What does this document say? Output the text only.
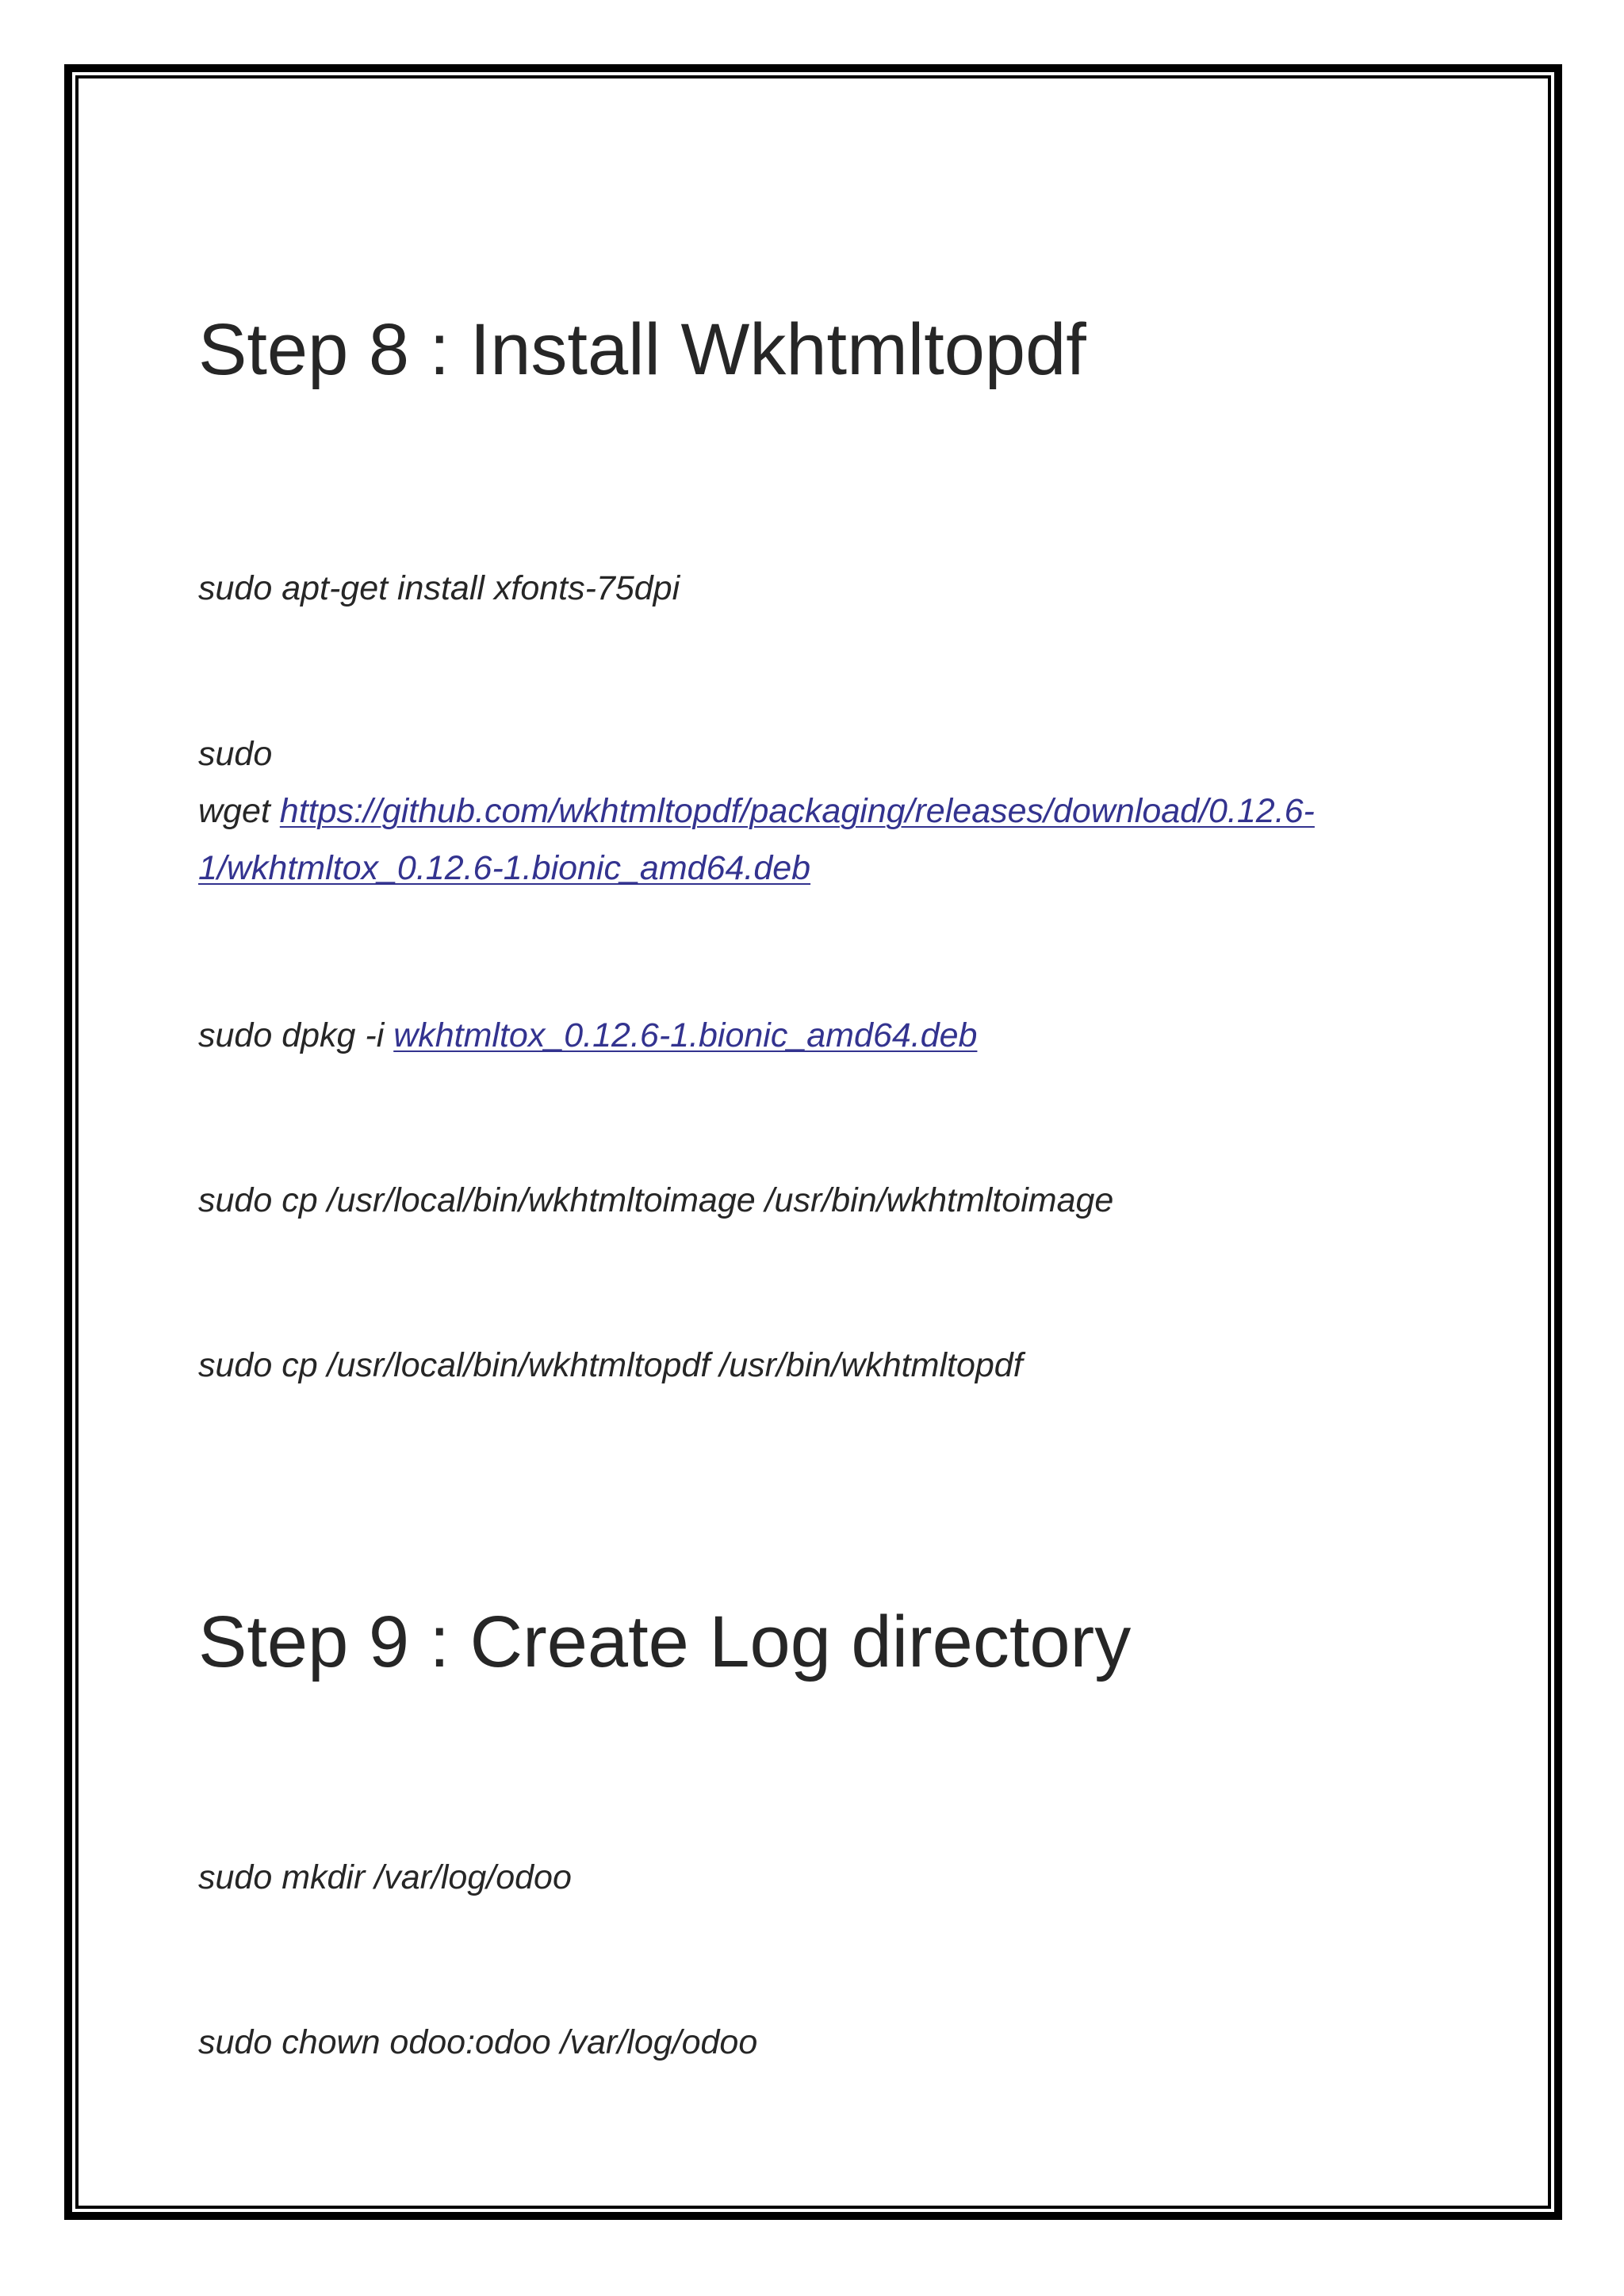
Step 8 : Install Wkhtmltopdf

sudo apt-get install xfonts-75dpi

sudo
wget https://github.com/wkhtmltopdf/packaging/releases/download/0.12.6-
1/wkhtmltox_0.12.6-1.bionic_amd64.deb

sudo dpkg -i wkhtmltox_0.12.6-1.bionic_amd64.deb

sudo cp /usr/local/bin/wkhtmltoimage /usr/bin/wkhtmltoimage

sudo cp /usr/local/bin/wkhtmltopdf /usr/bin/wkhtmltopdf

Step 9 : Create Log directory

sudo mkdir /var/log/odoo

sudo chown odoo:odoo /var/log/odoo
